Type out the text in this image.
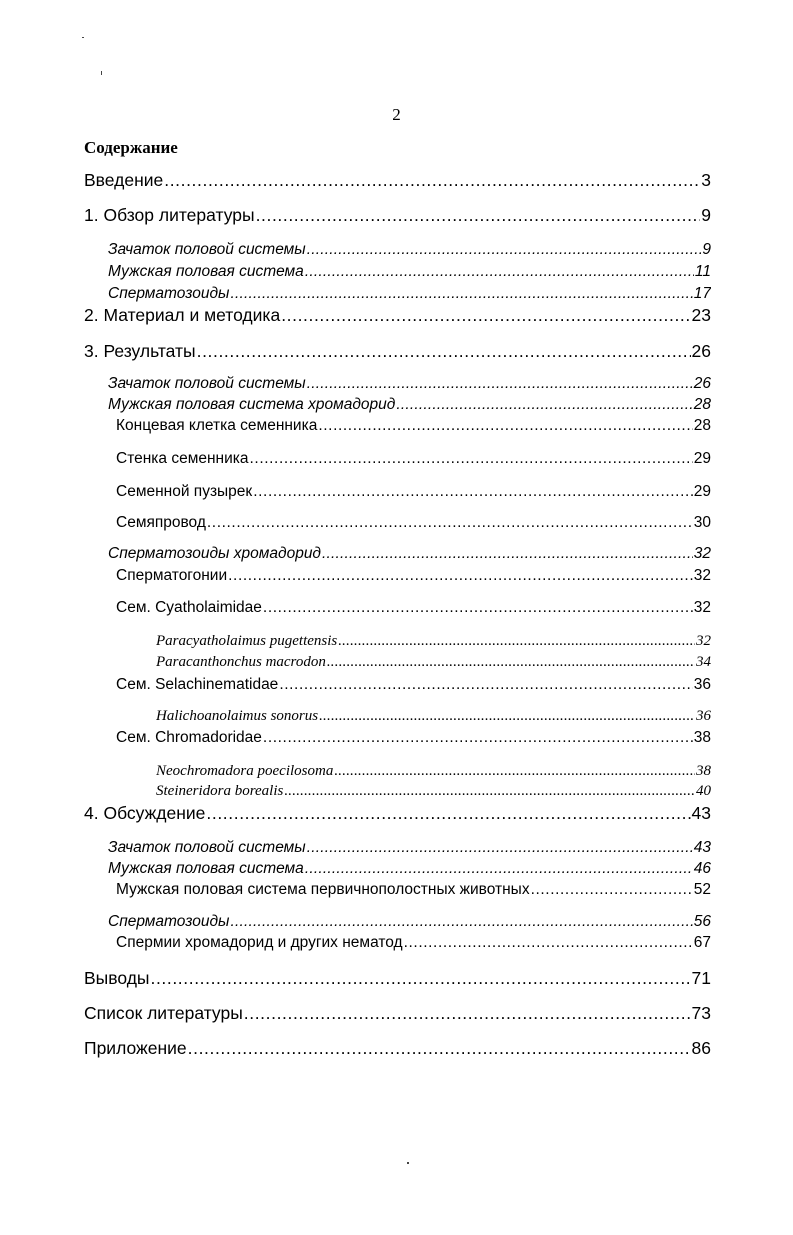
2
Содержание
Введение .....	3
1. Обзор литературы .....	9
Зачаток половой системы .....	9
Мужская половая система .....	11
Сперматозоиды .....	17
2. Материал и методика .....	23
3. Результаты .....	26
Зачаток половой системы .....	26
Мужская половая система хромадорид .....	28
Концевая клетка семенника .....	28
Стенка семенника .....	29
Семенной пузырек .....	29
Семяпровод .....	30
Сперматозоиды хромадорид .....	32
Сперматогонии .....	32
Сем. Cyatholaimidae .....	32
Paracyatholaimus pugettensis .....	32
Paracanthonchus macrodon .....	34
Сем. Selachinematidae .....	36
Halichoanolaimus sonorus .....	36
Сем. Chromadoridae .....	38
Neochromadora poecilosoma .....	38
Steineridora borealis .....	40
4. Обсуждение .....	43
Зачаток половой системы .....	43
Мужская половая система .....	46
Мужская половая система первичнополостных животных .....	52
Сперматозоиды .....	56
Спермии хромадорид и других нематод .....	67
Выводы .....	71
Список литературы .....	73
Приложение .....	86
